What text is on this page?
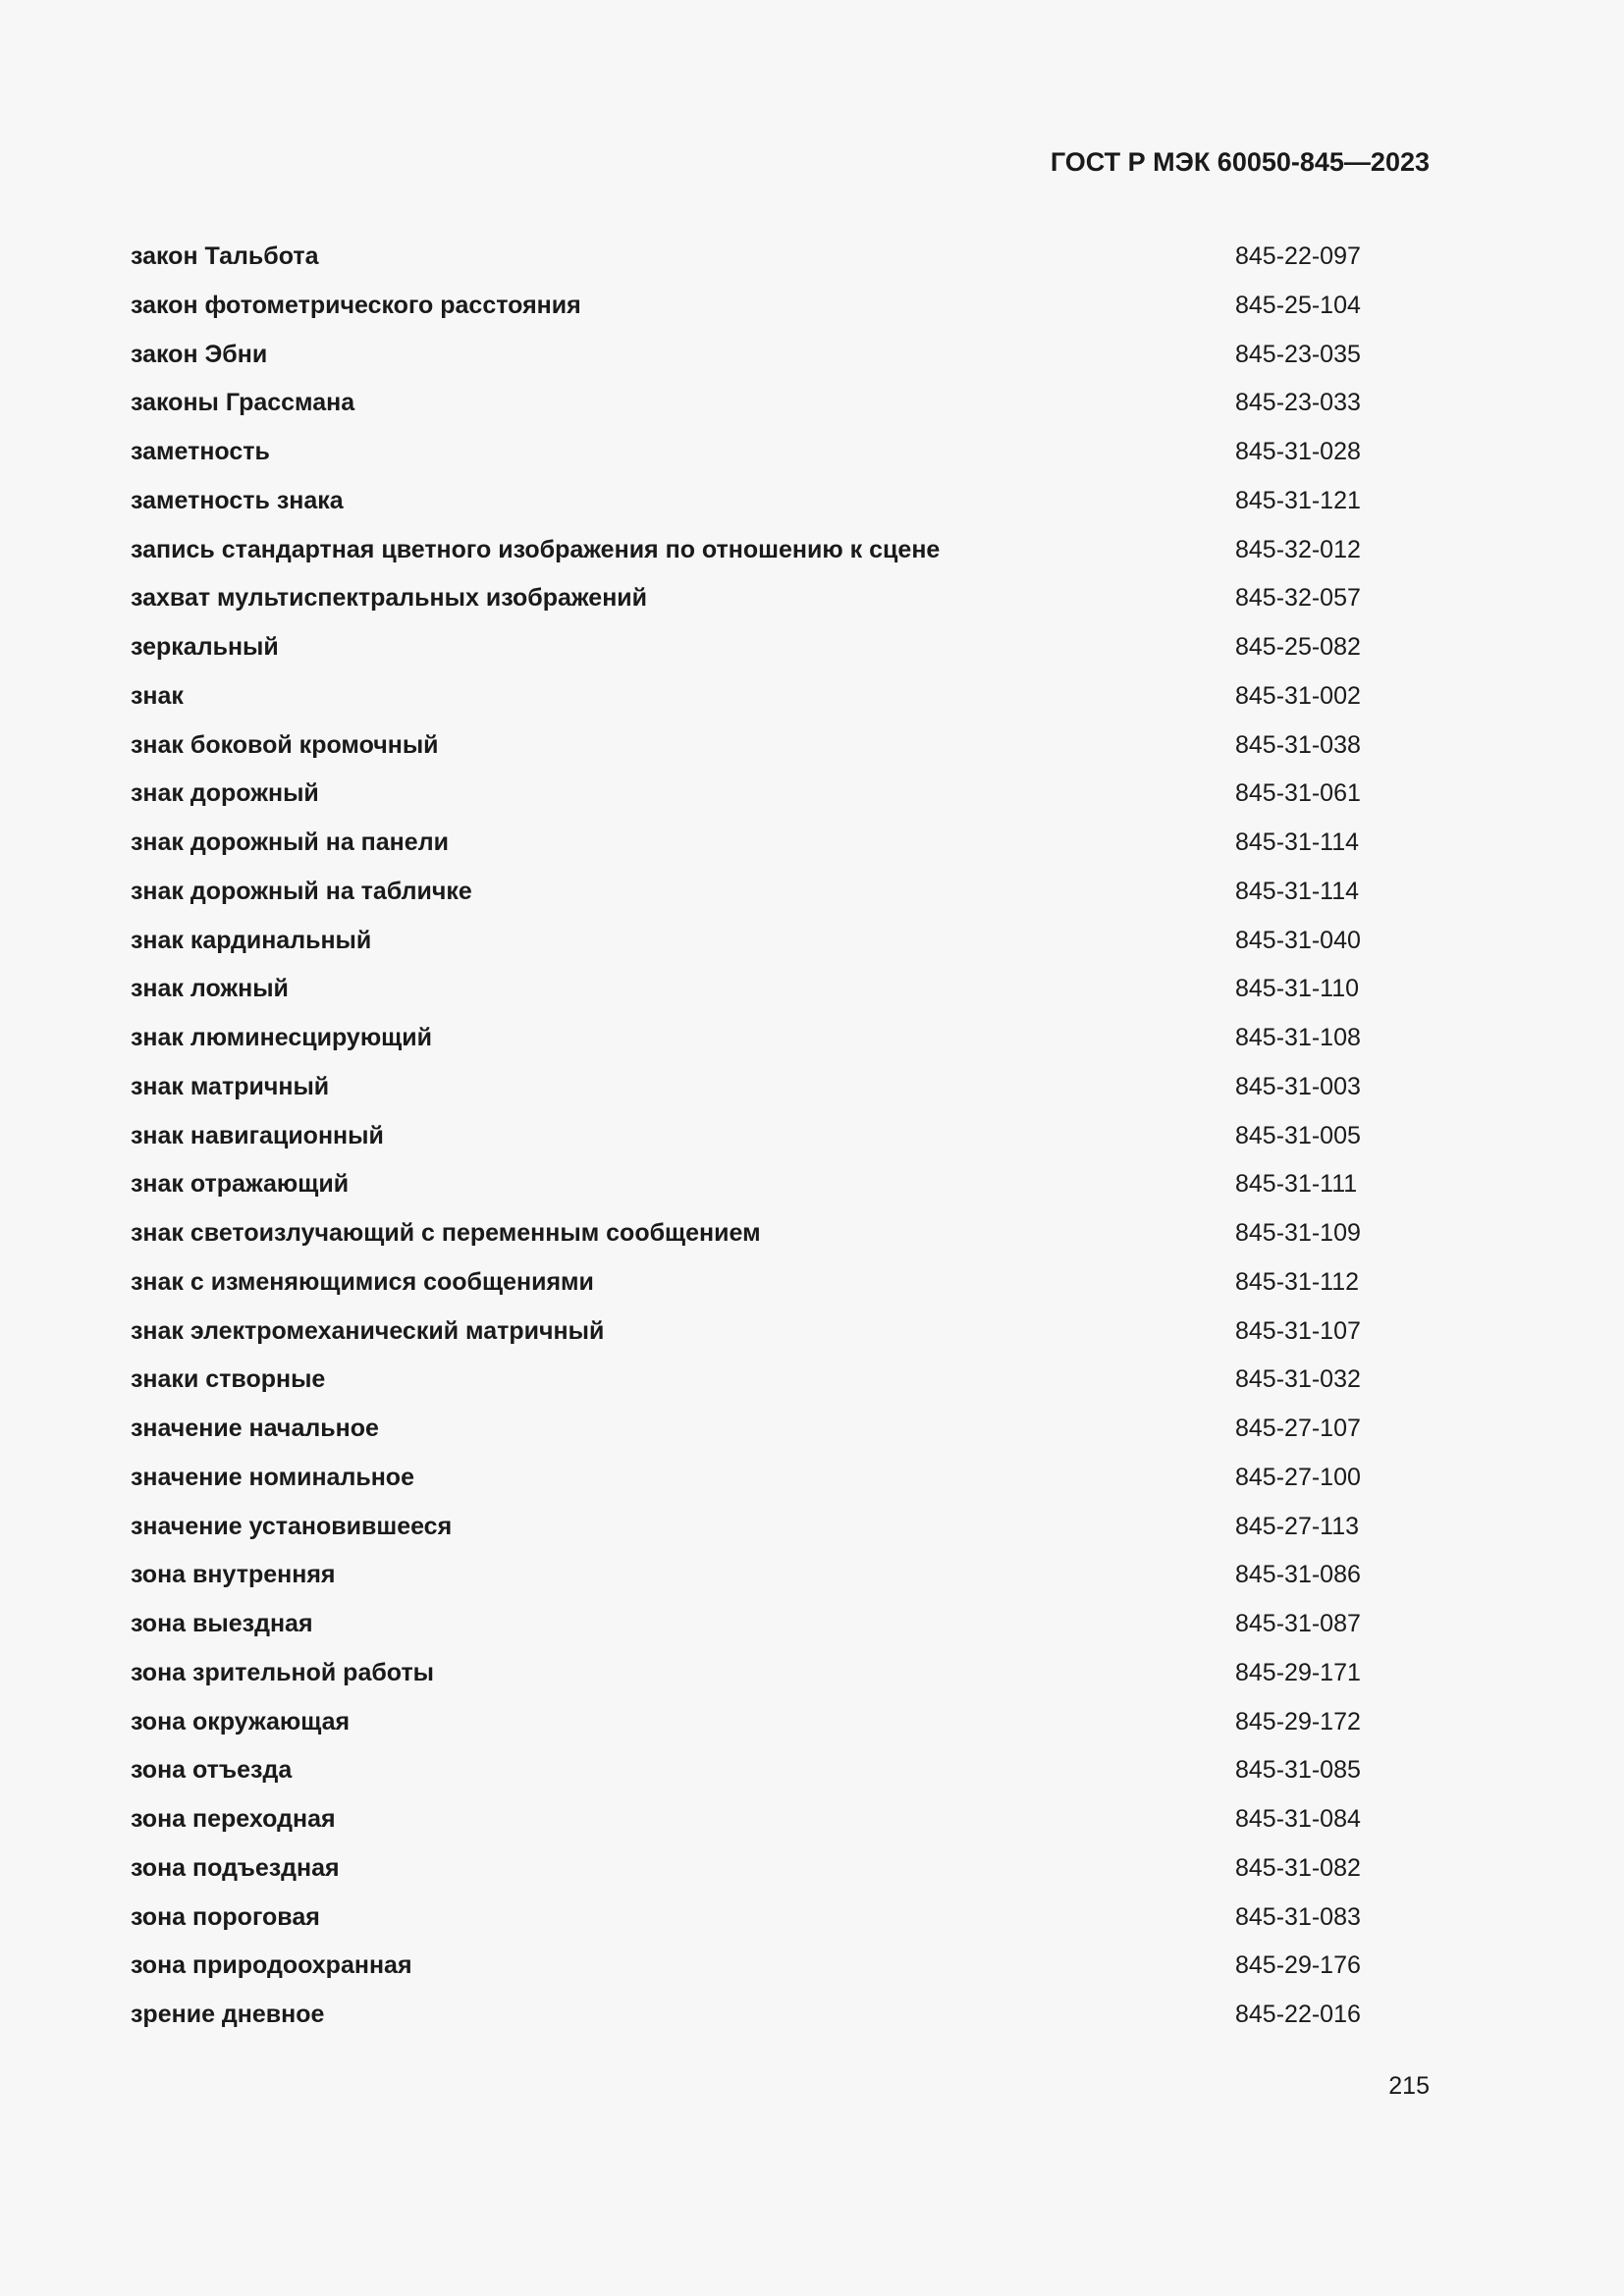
ГОСТ Р МЭК 60050-845—2023
закон Тальбота	845-22-097
закон фотометрического расстояния	845-25-104
закон Эбни	845-23-035
законы Грассмана	845-23-033
заметность	845-31-028
заметность знака	845-31-121
запись стандартная цветного изображения по отношению к сцене	845-32-012
захват мультиспектральных изображений	845-32-057
зеркальный	845-25-082
знак	845-31-002
знак боковой кромочный	845-31-038
знак дорожный	845-31-061
знак дорожный на панели	845-31-114
знак дорожный на табличке	845-31-114
знак кардинальный	845-31-040
знак ложный	845-31-110
знак люминесцирующий	845-31-108
знак матричный	845-31-003
знак навигационный	845-31-005
знак отражающий	845-31-111
знак светоизлучающий с переменным сообщением	845-31-109
знак с изменяющимися сообщениями	845-31-112
знак электромеханический матричный	845-31-107
знаки створные	845-31-032
значение начальное	845-27-107
значение номинальное	845-27-100
значение установившееся	845-27-113
зона внутренняя	845-31-086
зона выездная	845-31-087
зона зрительной работы	845-29-171
зона окружающая	845-29-172
зона отъезда	845-31-085
зона переходная	845-31-084
зона подъездная	845-31-082
зона пороговая	845-31-083
зона природоохранная	845-29-176
зрение дневное	845-22-016
215
